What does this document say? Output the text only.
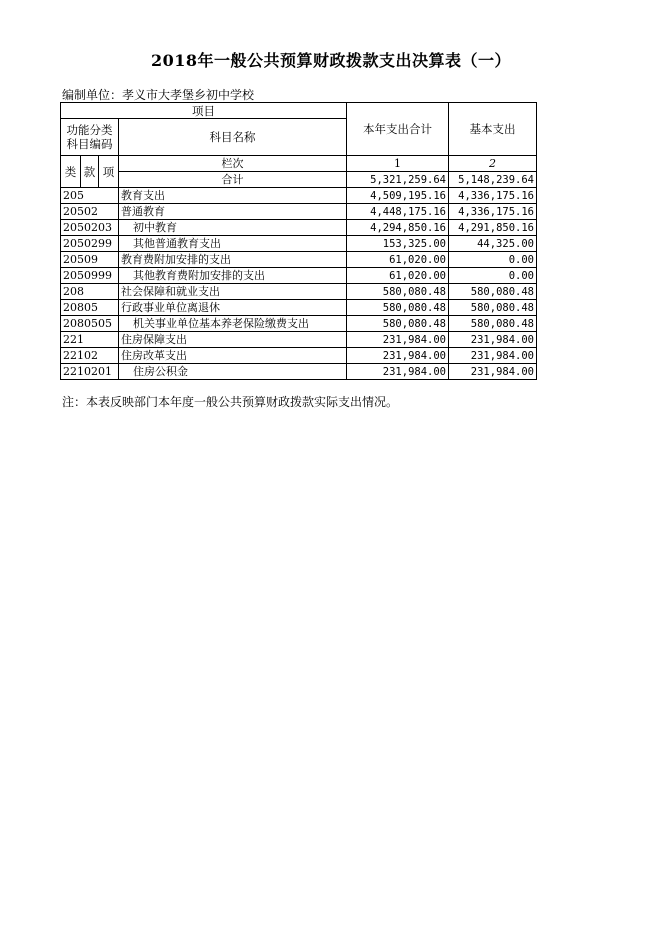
2018年一般公共预算财政拨款支出决算表（一）
编制单位：孝义市大孝堡乡初中学校
项目				本年支出合计	基本支出
功能分类
科目编码			科目名称		

类	款	项	栏次	1	2
			合计	5,321,259.64	5,148,239.64
205			教育支出	4,509,195.16	4,336,175.16
20502			普通教育	4,448,175.16	4,336,175.16
2050203			初中教育	4,294,850.16	4,291,850.16
2050299			其他普通教育支出	153,325.00	44,325.00
20509			教育费附加安排的支出	61,020.00	0.00
2050999			其他教育费附加安排的支出	61,020.00	0.00
208			社会保障和就业支出	580,080.48	580,080.48
20805			行政事业单位离退休	580,080.48	580,080.48
2080505			机关事业单位基本养老保险缴费支出	580,080.48	580,080.48
221			住房保障支出	231,984.00	231,984.00
22102			住房改革支出	231,984.00	231,984.00
2210201			住房公积金	231,984.00	231,984.00
注：本表反映部门本年度一般公共预算财政拨款实际支出情况。
